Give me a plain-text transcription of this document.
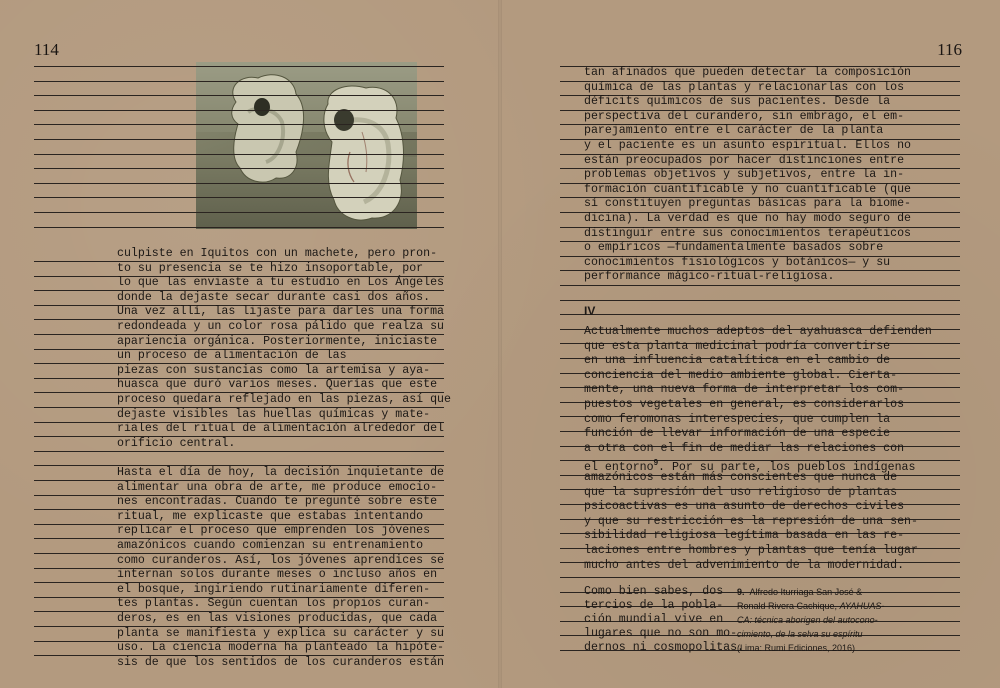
114	116
culpiste en Iquitos con un machete, pero pron-
to su presencia se te hizo insoportable, por
lo que las enviaste a tu estudio en Los Ángeles
donde la dejaste secar durante casi dos años.
Una vez allí, las lijaste para darles una forma
redondeada y un color rosa pálido que realza su
apariencia orgánica. Posteriormente, iniciaste
un proceso de alimentación de las
piezas con sustancias como la artemisa y aya-
huasca que duró varios meses. Querías que este
proceso quedara reflejado en las piezas, así que
dejaste visibles las huellas químicas y mate-
riales del ritual de alimentación alrededor del
orificio central.
Hasta el día de hoy, la decisión inquietante de
alimentar una obra de arte, me produce emocio-
nes encontradas. Cuando te pregunté sobre este
ritual, me explicaste que estabas intentando
replicar el proceso que emprenden los jóvenes
amazónicos cuando comienzan su entrenamiento
como curanderos. Así, los jóvenes aprendices se
internan solos durante meses o incluso años en
el bosque, ingiriendo rutinariamente diferen-
tes plantas. Según cuentan los propios curan-
deros, es en las visiones producidas, que cada
planta se manifiesta y explica su carácter y su
uso. La ciencia moderna ha planteado la hipóte-
sis de que los sentidos de los curanderos están
tan afinados que pueden detectar la composición
química de las plantas y relacionarlas con los
déficits químicos de sus pacientes. Desde la
perspectiva del curandero, sin embrago, el em-
parejamiento entre el carácter de la planta
y el paciente es un asunto espiritual. Ellos no
están preocupados por hacer distinciones entre
problemas objetivos y subjetivos, entre la in-
formación cuantificable y no cuantificable (que
sí constituyen preguntas básicas para la biome-
dicina). La verdad es que no hay modo seguro de
distinguir entre sus conocimientos terapéuticos
o empíricos —fundamentalmente basados sobre
conocimientos fisiológicos y botánicos— y su
performance mágico-ritual-religiosa.
Actualmente muchos adeptos del ayahuasca defienden
que esta planta medicinal podría convertirse
en una influencia catalítica en el cambio de
conciencia del medio ambiente global. Cierta-
mente, una nueva forma de interpretar los com-
puestos vegetales en general, es considerarlos
como feromonas interespecies, que cumplen la
función de llevar información de una especie
a otra con el fin de mediar las relaciones con
amazónicos están más conscientes que nunca de
que la supresión del uso religioso de plantas
psicoactivas es una asunto de derechos civiles
y que su restricción es la represión de una sen-
sibilidad religiosa legítima basada en las re-
laciones entre hombres y plantas que tenía lugar
mucho antes del advenimiento de la modernidad.
IV
el entorno$^9$. Por su parte, los pueblos indígenas
Como bien sabes, dos
tercios de la pobla-
ción mundial vive en
lugares que no son mo-
dernos ni cosmopolitas.
9. Alfredo Iturriaga San José &
Ronald Rivera Cachique, AYAHUAS-
CA: técnica aborigen del autocono-
cimiento, de la selva su espíritu
(Lima: Rumi Ediciones, 2016)
